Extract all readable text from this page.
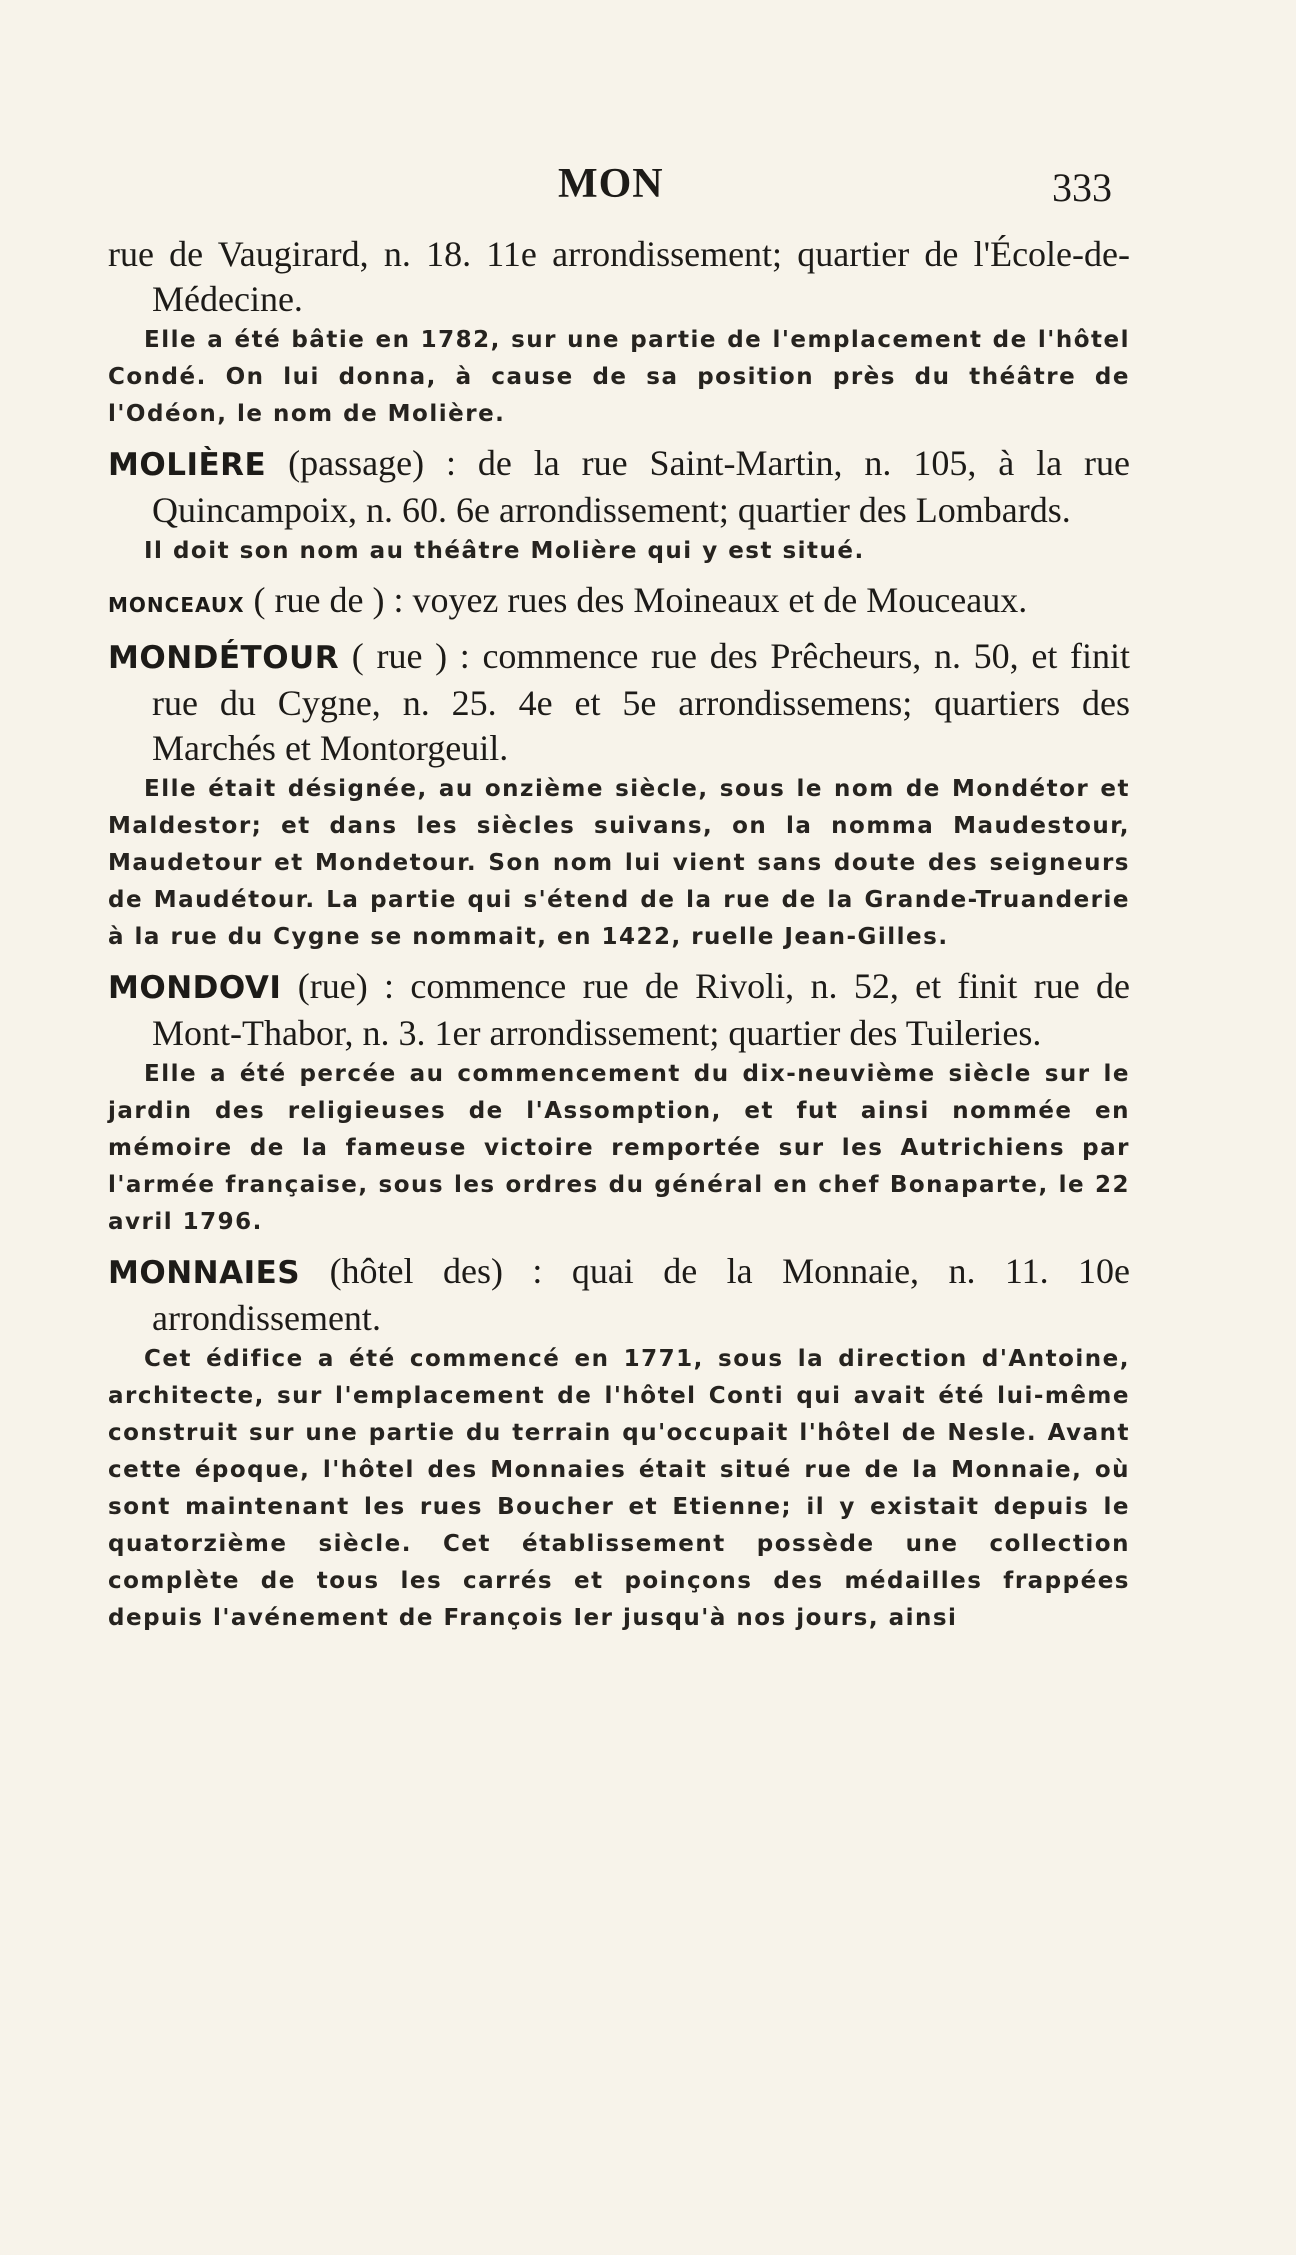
MON	333
rue de Vaugirard, n. 18. 11e arrondissement; quartier de l'École-de-Médecine.
Elle a été bâtie en 1782, sur une partie de l'emplacement de l'hôtel Condé. On lui donna, à cause de sa position près du théâtre de l'Odéon, le nom de Molière.
MOLIÈRE (passage) : de la rue Saint-Martin, n. 105, à la rue Quincampoix, n. 60. 6e arrondissement; quartier des Lombards.
Il doit son nom au théâtre Molière qui y est situé.
MONCEAUX ( rue de ) : voyez rues des Moineaux et de Mouceaux.
MONDÉTOUR ( rue ) : commence rue des Prêcheurs, n. 50, et finit rue du Cygne, n. 25. 4e et 5e arrondissemens; quartiers des Marchés et Montorgeuil.
Elle était désignée, au onzième siècle, sous le nom de Mondétor et Maldestor; et dans les siècles suivans, on la nomma Maudestour, Maudetour et Mondetour. Son nom lui vient sans doute des seigneurs de Maudétour. La partie qui s'étend de la rue de la Grande-Truanderie à la rue du Cygne se nommait, en 1422, ruelle Jean-Gilles.
MONDOVI (rue) : commence rue de Rivoli, n. 52, et finit rue de Mont-Thabor, n. 3. 1er arrondissement; quartier des Tuileries.
Elle a été percée au commencement du dix-neuvième siècle sur le jardin des religieuses de l'Assomption, et fut ainsi nommée en mémoire de la fameuse victoire remportée sur les Autrichiens par l'armée française, sous les ordres du général en chef Bonaparte, le 22 avril 1796.
MONNAIES (hôtel des) : quai de la Monnaie, n. 11. 10e arrondissement.
Cet édifice a été commencé en 1771, sous la direction d'Antoine, architecte, sur l'emplacement de l'hôtel Conti qui avait été lui-même construit sur une partie du terrain qu'occupait l'hôtel de Nesle. Avant cette époque, l'hôtel des Monnaies était situé rue de la Monnaie, où sont maintenant les rues Boucher et Etienne; il y existait depuis le quatorzième siècle. Cet établissement possède une collection complète de tous les carrés et poinçons des médailles frappées depuis l'avénement de François Ier jusqu'à nos jours, ainsi
